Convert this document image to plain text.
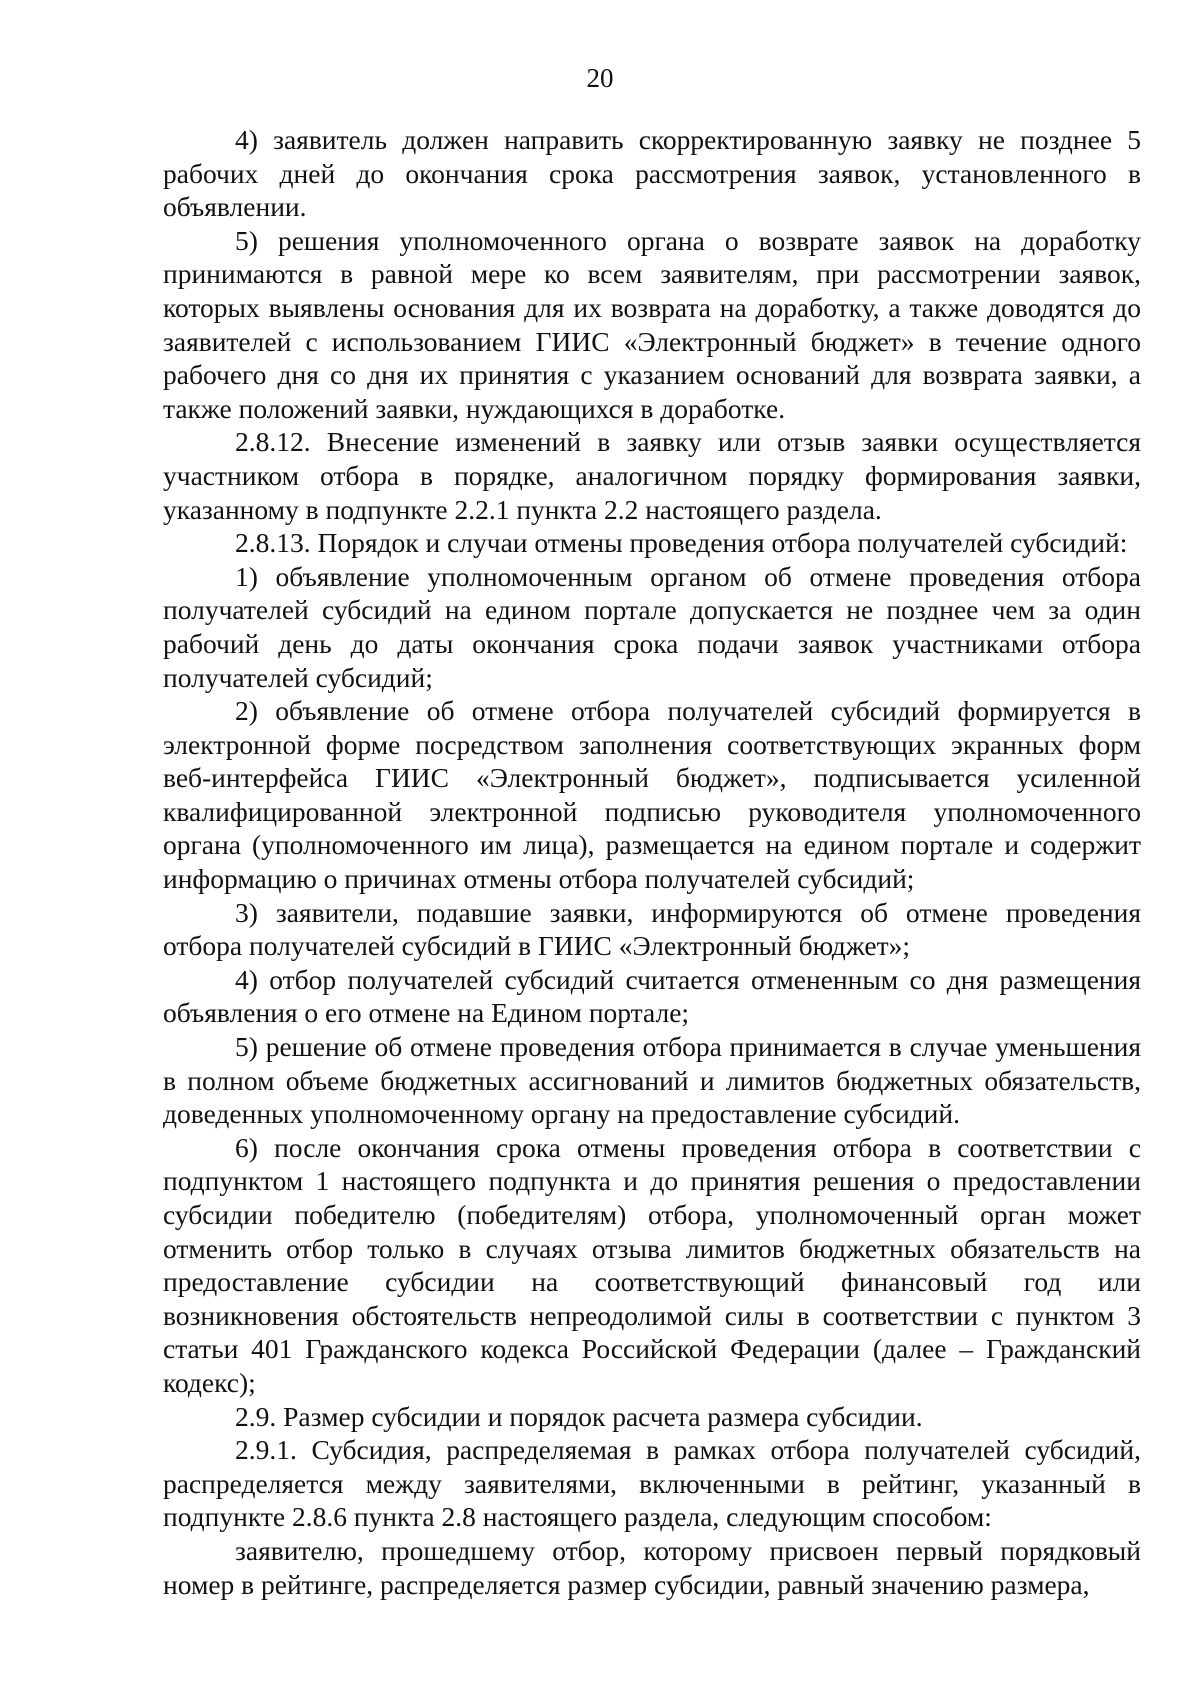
20

4) заявитель должен направить скорректированную заявку не позднее 5 рабочих дней до окончания срока рассмотрения заявок, установленного в объявлении.

5) решения уполномоченного органа о возврате заявок на доработку принимаются в равной мере ко всем заявителям, при рассмотрении заявок, которых выявлены основания для их возврата на доработку, а также доводятся до заявителей с использованием ГИИС «Электронный бюджет» в течение одного рабочего дня со дня их принятия с указанием оснований для возврата заявки, а также положений заявки, нуждающихся в доработке.

2.8.12. Внесение изменений в заявку или отзыв заявки осуществляется участником отбора в порядке, аналогичном порядку формирования заявки, указанному в подпункте 2.2.1 пункта 2.2 настоящего раздела.

2.8.13. Порядок и случаи отмены проведения отбора получателей субсидий:

1) объявление уполномоченным органом об отмене проведения отбора получателей субсидий на едином портале допускается не позднее чем за один рабочий день до даты окончания срока подачи заявок участниками отбора получателей субсидий;

2) объявление об отмене отбора получателей субсидий формируется в электронной форме посредством заполнения соответствующих экранных форм веб-интерфейса ГИИС «Электронный бюджет», подписывается усиленной квалифицированной электронной подписью руководителя уполномоченного органа (уполномоченного им лица), размещается на едином портале и содержит информацию о причинах отмены отбора получателей субсидий;

3) заявители, подавшие заявки, информируются об отмене проведения отбора получателей субсидий в ГИИС «Электронный бюджет»;

4) отбор получателей субсидий считается отмененным со дня размещения объявления о его отмене на Едином портале;

5) решение об отмене проведения отбора принимается в случае уменьшения в полном объеме бюджетных ассигнований и лимитов бюджетных обязательств, доведенных уполномоченному органу на предоставление субсидий.

6) после окончания срока отмены проведения отбора в соответствии с подпунктом 1 настоящего подпункта и до принятия решения о предоставлении субсидии победителю (победителям) отбора, уполномоченный орган может отменить отбор только в случаях отзыва лимитов бюджетных обязательств на предоставление субсидии на соответствующий финансовый год или возникновения обстоятельств непреодолимой силы в соответствии с пунктом 3 статьи 401 Гражданского кодекса Российской Федерации (далее – Гражданский кодекс);

2.9. Размер субсидии и порядок расчета размера субсидии.

2.9.1. Субсидия, распределяемая в рамках отбора получателей субсидий, распределяется между заявителями, включенными в рейтинг, указанный в подпункте 2.8.6 пункта 2.8 настоящего раздела, следующим способом:

заявителю, прошедшему отбор, которому присвоен первый порядковый номер в рейтинге, распределяется размер субсидии, равный значению размера,
